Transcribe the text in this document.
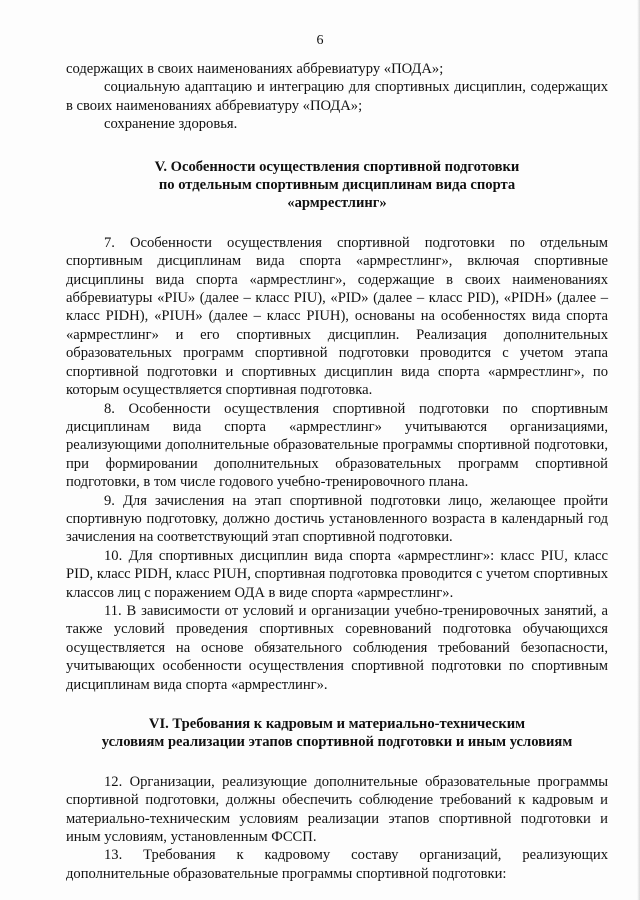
6

содержащих в своих наименованиях аббревиатуру «ПОДА»;

социальную адаптацию и интеграцию для спортивных дисциплин, содержащих в своих наименованиях аббревиатуру «ПОДА»;

сохранение здоровья.

V. Особенности осуществления спортивной подготовки
по отдельным спортивным дисциплинам вида спорта
«армрестлинг»

7. Особенности осуществления спортивной подготовки по отдельным спортивным дисциплинам вида спорта «армрестлинг», включая спортивные дисциплины вида спорта «армрестлинг», содержащие в своих наименованиях аббревиатуры «PIU» (далее – класс PIU), «PID» (далее – класс PID), «PIDH» (далее – класс PIDH), «PIUH» (далее – класс PIUH), основаны на особенностях вида спорта «армрестлинг» и его спортивных дисциплин. Реализация дополнительных образовательных программ спортивной подготовки проводится с учетом этапа спортивной подготовки и спортивных дисциплин вида спорта «армрестлинг», по которым осуществляется спортивная подготовка.

8. Особенности осуществления спортивной подготовки по спортивным дисциплинам вида спорта «армрестлинг» учитываются организациями, реализующими дополнительные образовательные программы спортивной подготовки, при формировании дополнительных образовательных программ спортивной подготовки, в том числе годового учебно-тренировочного плана.

9. Для зачисления на этап спортивной подготовки лицо, желающее пройти спортивную подготовку, должно достичь установленного возраста в календарный год зачисления на соответствующий этап спортивной подготовки.

10. Для спортивных дисциплин вида спорта «армрестлинг»: класс PIU, класс PID, класс PIDH, класс PIUH, спортивная подготовка проводится с учетом спортивных классов лиц с поражением ОДА в виде спорта «армрестлинг».

11. В зависимости от условий и организации учебно-тренировочных занятий, а также условий проведения спортивных соревнований подготовка обучающихся осуществляется на основе обязательного соблюдения требований безопасности, учитывающих особенности осуществления спортивной подготовки по спортивным дисциплинам вида спорта «армрестлинг».

VI. Требования к кадровым и материально-техническим
условиям реализации этапов спортивной подготовки и иным условиям

12. Организации, реализующие дополнительные образовательные программы спортивной подготовки, должны обеспечить соблюдение требований к кадровым и материально-техническим условиям реализации этапов спортивной подготовки и иным условиям, установленным ФССП.

13. Требования к кадровому составу организаций, реализующих дополнительные образовательные программы спортивной подготовки:
